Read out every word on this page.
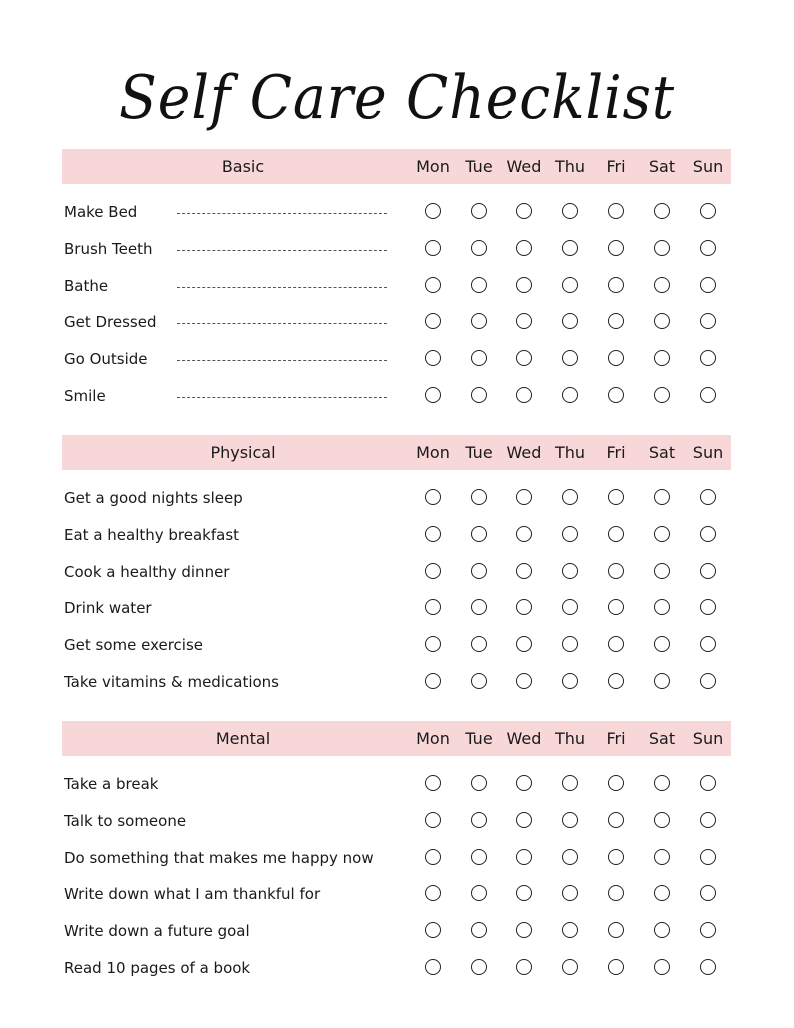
Self Care Checklist
Basic	Mon Tue Wed Thu	Fri	Sat	Sun
Make Bed
Brush Teeth
Bathe
Get Dressed
Go Outside
Smile
Physical	Mon Tue Wed Thu	Fri	Sat	Sun
Get a good nights sleep
Eat a healthy breakfast
Cook a healthy dinner
Drink water
Get some exercise
Take vitamins & medications
Mental	Mon Tue Wed Thu	Fri	Sat	Sun
Take a break
Talk to someone
Do something that makes me happy now
Write down what I am thankful for
Write down a future goal
Read 10 pages of a book
